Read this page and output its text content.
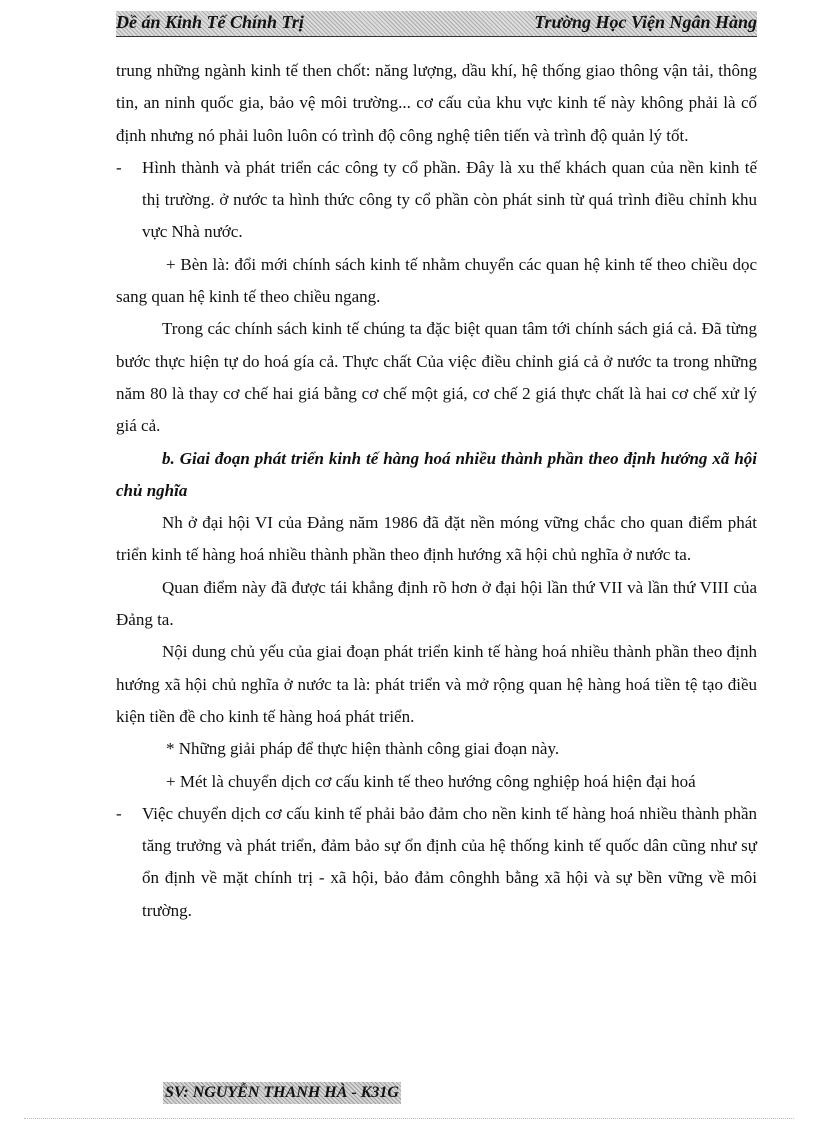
Dề án Kinh Tế Chính Trị	Trường Học Viện Ngân Hàng

trung những ngành kinh tế then chốt: năng lượng, dầu khí, hệ thống giao thông vận tải, thông tin, an ninh quốc gia, bảo vệ môi trường... cơ cấu của khu vực kinh tế này không phải là cố định nhưng nó phải luôn luôn có trình độ công nghệ tiên tiến và trình độ quản lý tốt.

- Hình thành và phát triển các công ty cổ phần. Đây là xu thế khách quan của nền kinh tế thị trường. ở nước ta hình thức công ty cổ phần còn phát sinh từ quá trình điều chỉnh khu vực Nhà nước.

+ Bèn là: đổi mới chính sách kinh tế nhằm chuyển các quan hệ kinh tế theo chiều dọc sang quan hệ kinh tế theo chiều ngang.

Trong các chính sách kinh tế chúng ta đặc biệt quan tâm tới chính sách giá cả. Đã từng bước thực hiện tự do hoá gía cả. Thực chất Của việc điều chỉnh giá cả ở nước ta trong những năm 80 là thay cơ chế hai giá bằng cơ chế một giá, cơ chế 2 giá thực chất là hai cơ chế xử lý giá cả.

b. Giai đoạn phát triển kinh tế hàng hoá nhiều thành phần theo định hướng xã hội chủ nghĩa

Nh ở đại hội VI của Đảng năm 1986 đã đặt nền móng vững chắc cho quan điểm phát triển kinh tế hàng hoá nhiều thành phần theo định hướng xã hội chủ nghĩa ở nước ta.

Quan điểm này đã được tái khẳng định rõ hơn ở đại hội lần thứ VII và lần thứ VIII của Đảng ta.

Nội dung chủ yếu của giai đoạn phát triển kinh tế hàng hoá nhiều thành phần theo định hướng xã hội chủ nghĩa ở nước ta là: phát triển và mở rộng quan hệ hàng hoá tiền tệ tạo điều kiện tiền đề cho kinh tế hàng hoá phát triển.

* Những giải pháp để thực hiện thành công giai đoạn này.

+ Mét là chuyển dịch cơ cấu kinh tế theo hướng công nghiệp hoá hiện đại hoá

- Việc chuyển dịch cơ cấu kinh tế phải bảo đảm cho nền kinh tế hàng hoá nhiều thành phần tăng trưởng và phát triển, đảm bảo sự ổn định của hệ thống kinh tế quốc dân cũng như sự ổn định về mặt chính trị - xã hội, bảo đảm cônghh bằng xã hội và sự bền vững về môi trường.

SV: NGUYỄN THANH HÀ - K31G
